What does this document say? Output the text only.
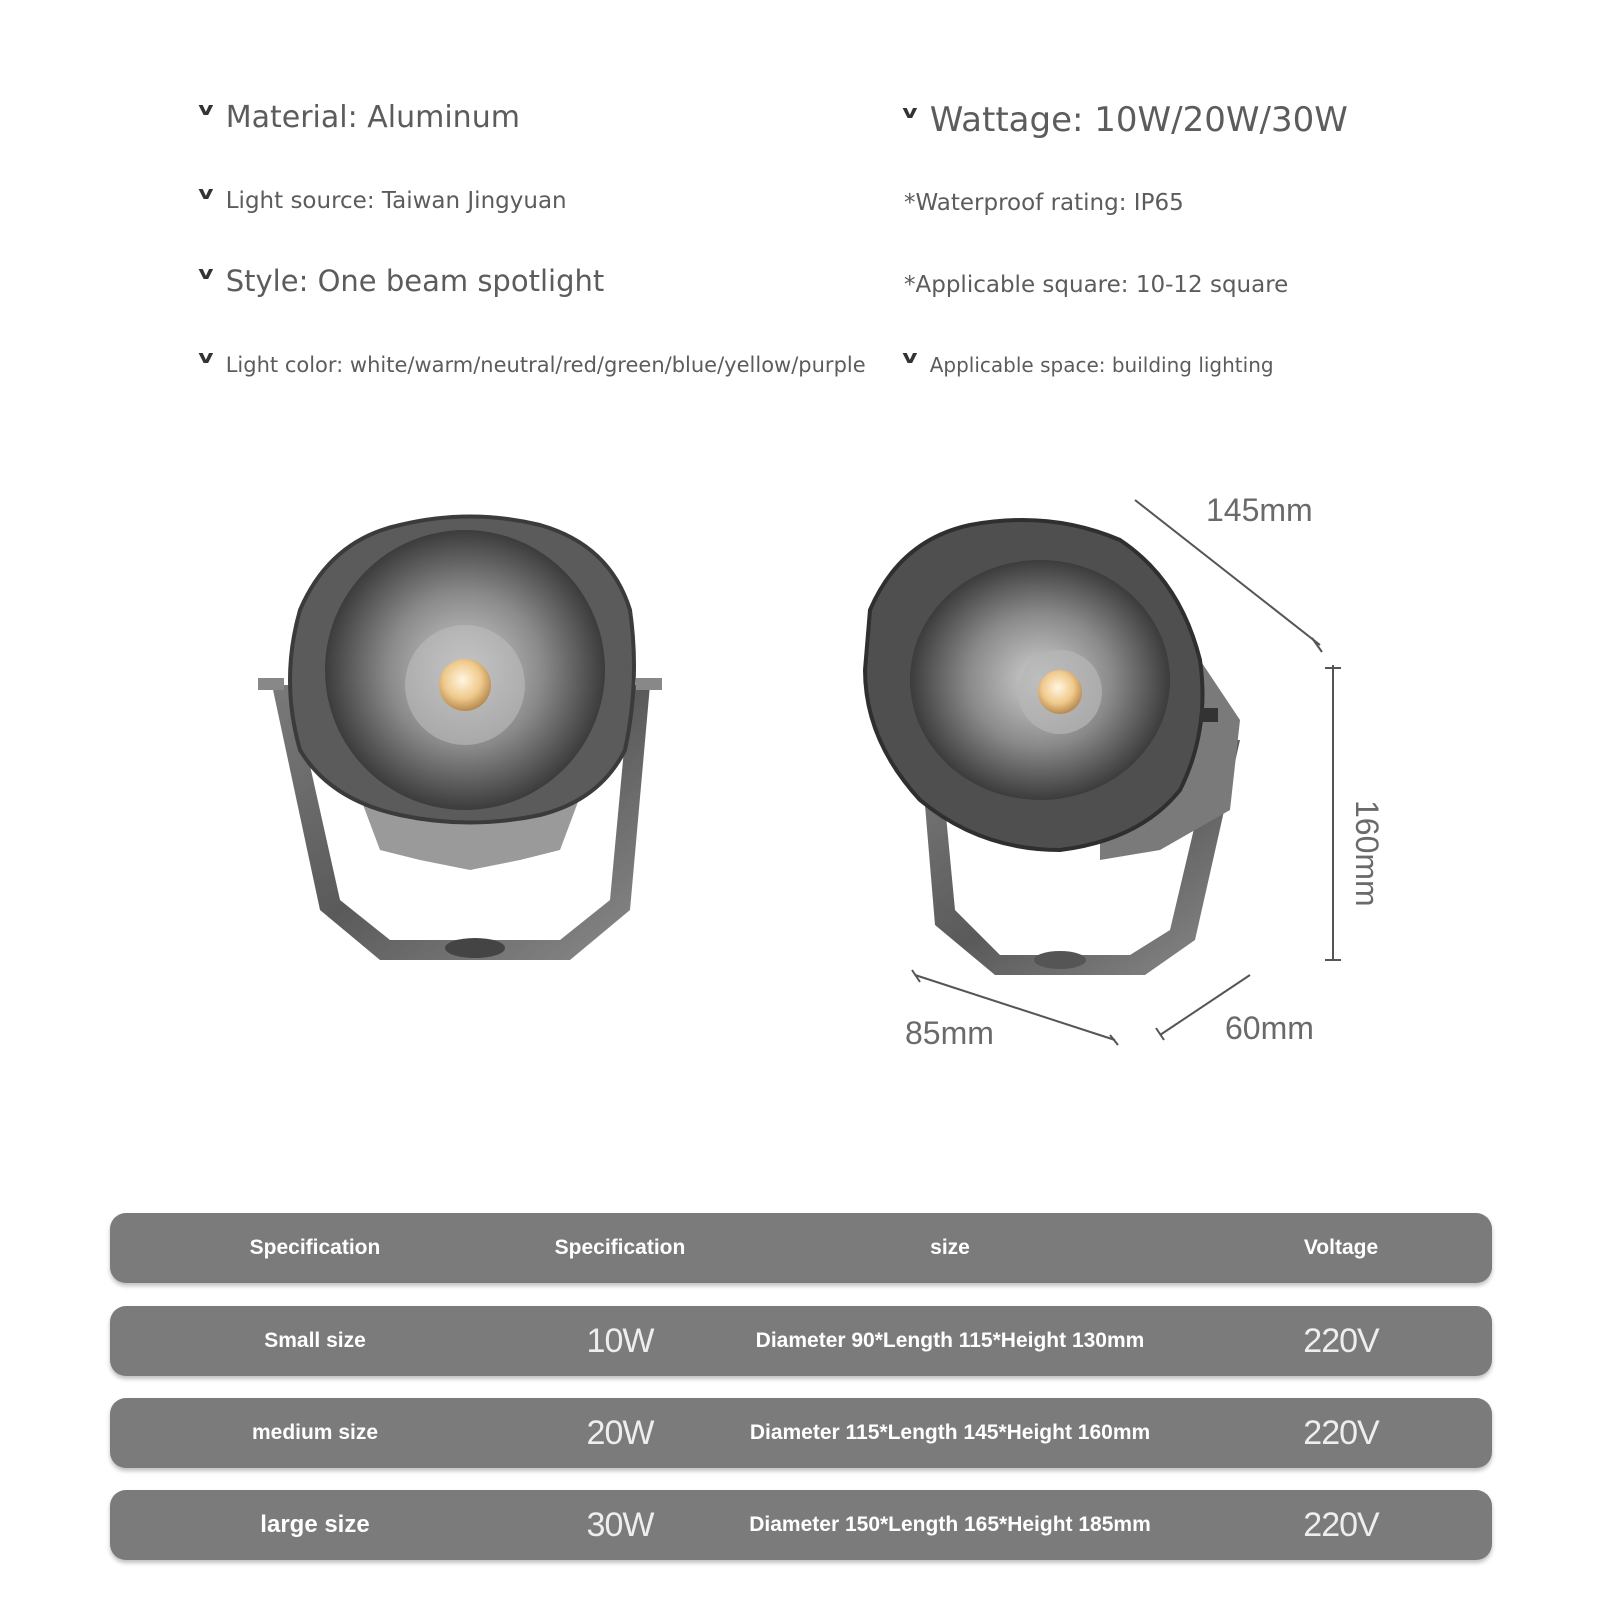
v Material: Aluminum	v Wattage: 10W/20W/30W
v Light source: Taiwan Jingyuan	*Waterproof rating: IP65
v Style: One beam spotlight	*Applicable square: 10-12 square
v Light color: white/warm/neutral/red/green/blue/yellow/purple v Applicable space: building lighting
145mm
160mm
85mm	60mm
Specification	Specification	size	Voltage
Small size	10W	Diameter 90*Length 115*Height 130mm	220V
medium size	20W	Diameter 115*Length 145*Height 160mm	220V
large size	30W	Diameter 150*Length 165*Height 185mm	220V
